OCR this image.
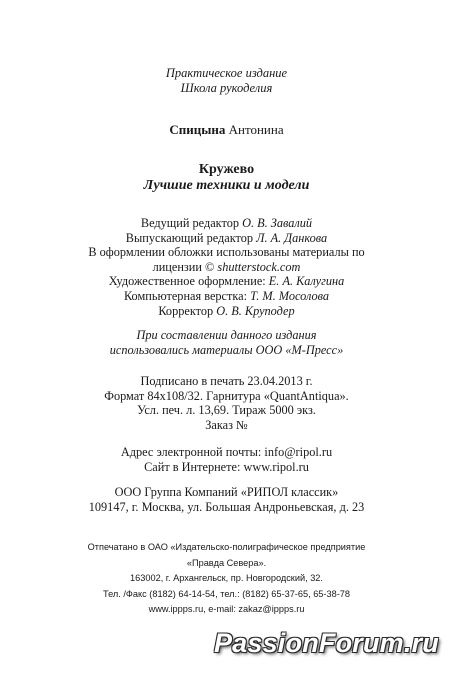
Практическое издание
Школа рукоделия
Спицына Антонина
Кружево
Лучшие техники и модели
Ведущий редактор О. В. Завалий
Выпускающий редактор Л. А. Данкова
В оформлении обложки использованы материалы по
лицензии © shutterstock.com
Художественное оформление: Е. А. Калугина
Компьютерная верстка: Т. М. Мосолова
Корректор О. В. Круподер
При составлении данного издания
использовались материалы ООО «М-Пресс»
Подписано в печать 23.04.2013 г.
Формат 84x108/32. Гарнитура «QuantAntiqua».
Усл. печ. л. 13,69. Тираж 5000 экз.
Заказ №
Адрес электронной почты: info@ripol.ru
Сайт в Интернете: www.ripol.ru
ООО Группа Компаний «РИПОЛ классик»
109147, г. Москва, ул. Большая Андроньевская, д. 23
Отпечатано в ОАО «Издательско-полиграфическое предприятие
«Правда Севера».
163002, г. Архангельск, пр. Новгородский, 32.
Тел. /Факс (8182) 64-14-54, тел.: (8182) 65-37-65, 65-38-78
www.ippps.ru, e-mail: zakaz@ippps.ru
PassionForum.ru
